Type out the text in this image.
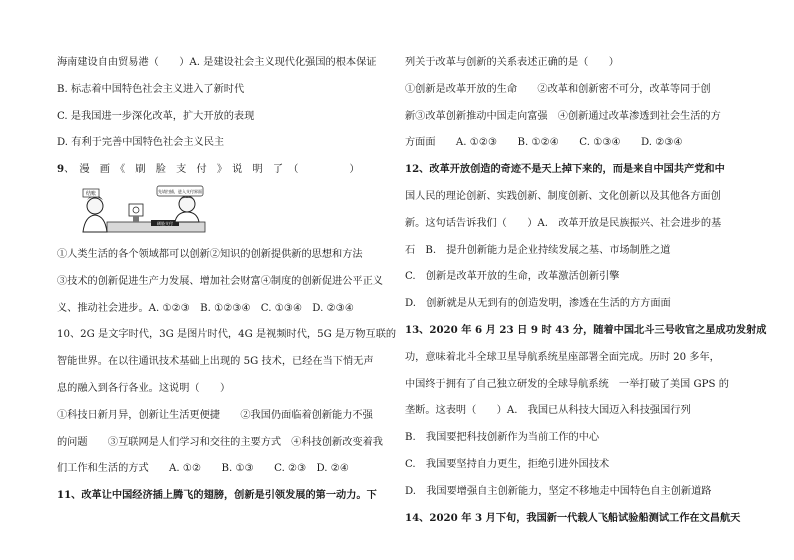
海南建设自由贸易港（　　）A. 是建设社会主义现代化强国的根本保证
B. 标志着中国特色社会主义进入了新时代
C. 是我国进一步深化改革，扩大开放的表现
D. 有利于完善中国特色社会主义民主
9、　漫　画　《　刷　脸　支　付　》　说　明　了　（　　　　　）
结账
刷脸支付
先请扫描，进入支付界面
①人类生活的各个领域都可以创新②知识的创新提供新的思想和方法
③技术的创新促进生产力发展、增加社会财富④制度的创新促进公平正义
义、推动社会进步。A. ①②③　B. ①②③④　C. ①③④　D. ②③④
10、2G 是文字时代，3G 是图片时代，4G 是视频时代，5G 是万物互联的
智能世界。在以往通讯技术基础上出现的 5G 技术，已经在当下悄无声
息的融入到各行各业。这说明（　　）
①科技日新月异，创新让生活更便捷　　②我国仍面临着创新能力不强
的问题　　③互联网是人们学习和交往的主要方式　④科技创新改变着我
们工作和生活的方式　　A. ①②　　B. ①③　　C. ②③　D. ②④
11、改革让中国经济插上腾飞的翅膀，创新是引领发展的第一动力。下
列关于改革与创新的关系表述正确的是（　　）
①创新是改革开放的生命　　②改革和创新密不可分，改革等同于创
新③改革创新推动中国走向富强　④创新通过改革渗透到社会生活的方
方面面　　A. ①②③　　B. ①②④　　C. ①③④　　D. ②③④
12、改革开放创造的奇迹不是天上掉下来的，而是来自中国共产党和中
国人民的理论创新、实践创新、制度创新、文化创新以及其他各方面创
新。这句话告诉我们（　　）A.　改革开放是民族振兴、社会进步的基
石　B.　提升创新能力是企业持续发展之基、市场制胜之道
C.　创新是改革开放的生命，改革激活创新引擎
D.　创新就是从无到有的创造发明，渗透在生活的方方面面
13、2020 年 6 月 23 日 9 时 43 分，随着中国北斗三号收官之星成功发射成
功，意味着北斗全球卫星导航系统星座部署全面完成。历时 20 多年，
中国终于拥有了自己独立研发的全球导航系统　一举打破了美国 GPS 的
垄断。这表明（　　）A.　我国已从科技大国迈入科技强国行列
B.　我国要把科技创新作为当前工作的中心
C.　我国要坚持自力更生，拒绝引进外国技术
D.　我国要增强自主创新能力，坚定不移地走中国特色自主创新道路
14、2020 年 3 月下旬，我国新一代载人飞船试验船测试工作在文昌航天
